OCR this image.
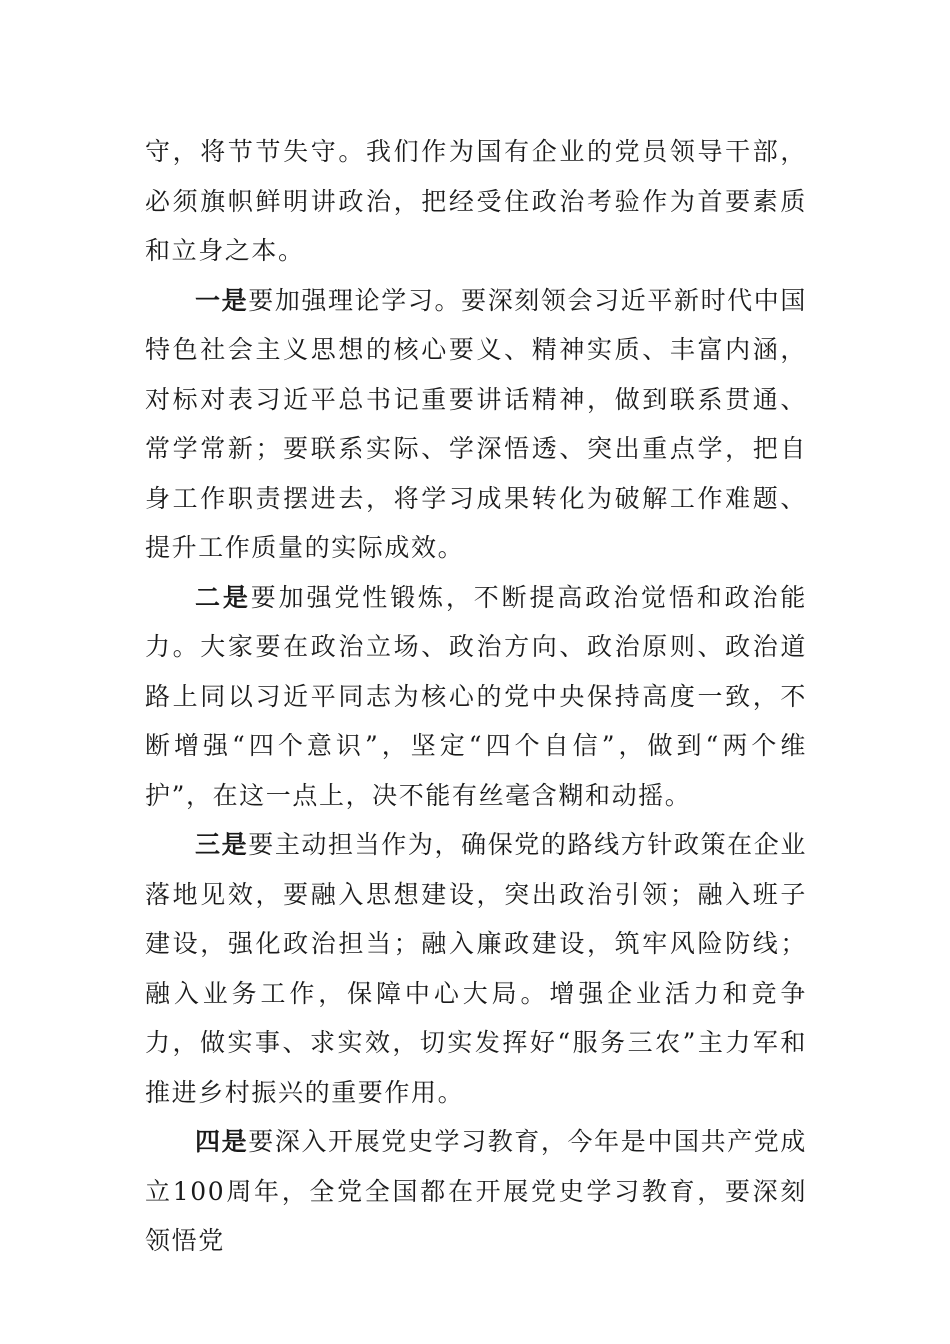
守，将节节失守。我们作为国有企业的党员领导干部，必须旗帜鲜明讲政治，把经受住政治考验作为首要素质和立身之本。

一是要加强理论学习。要深刻领会习近平新时代中国特色社会主义思想的核心要义、精神实质、丰富内涵，对标对表习近平总书记重要讲话精神，做到联系贯通、常学常新；要联系实际、学深悟透、突出重点学，把自身工作职责摆进去，将学习成果转化为破解工作难题、提升工作质量的实际成效。

二是要加强党性锻炼，不断提高政治觉悟和政治能力。大家要在政治立场、政治方向、政治原则、政治道路上同以习近平同志为核心的党中央保持高度一致，不断增强“四个意识”，坚定“四个自信”，做到“两个维护”，在这一点上，决不能有丝毫含糊和动摇。

三是要主动担当作为，确保党的路线方针政策在企业落地见效，要融入思想建设，突出政治引领；融入班子建设，强化政治担当；融入廉政建设，筑牢风险防线；融入业务工作，保障中心大局。增强企业活力和竞争力，做实事、求实效，切实发挥好“服务三农”主力军和推进乡村振兴的重要作用。

四是要深入开展党史学习教育，今年是中国共产党成立100周年，全党全国都在开展党史学习教育，要深刻领悟党
